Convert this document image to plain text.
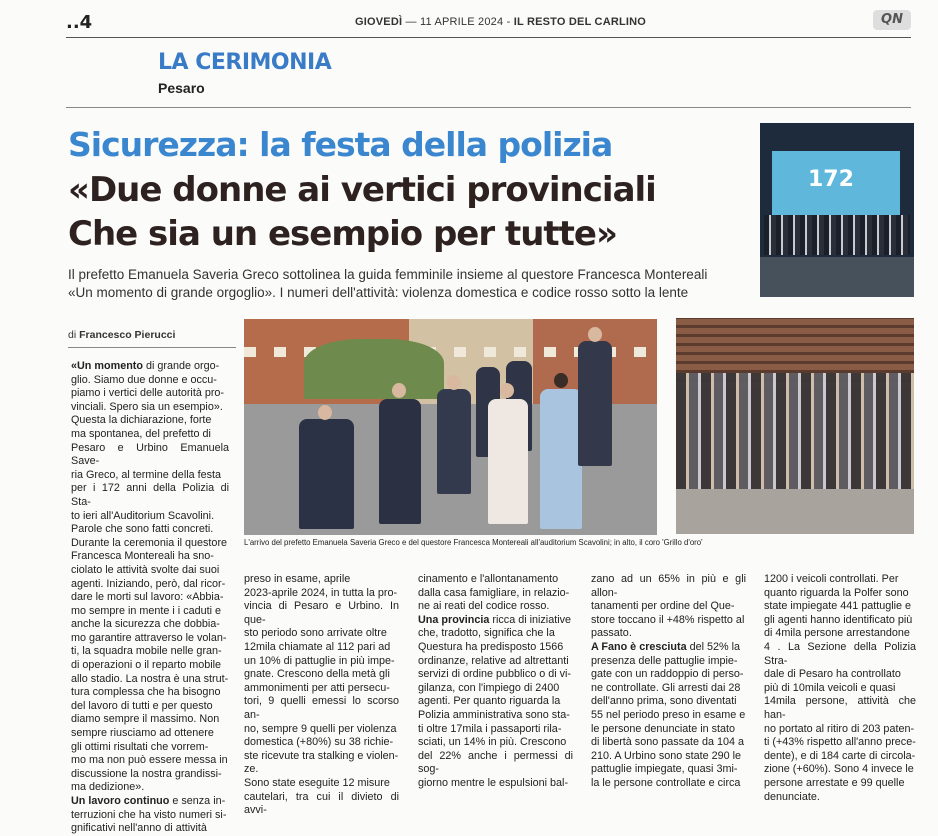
..4	GIOVEDÌ — 11 APRILE 2024 - IL RESTO DEL CARLINO	QN
LA CERIMONIA
Pesaro
Sicurezza: la festa della polizia
«Due donne ai vertici provinciali
Che sia un esempio per tutte»
Il prefetto Emanuela Saveria Greco sottolinea la guida femminile insieme al questore Francesca Montereali
«Un momento di grande orgoglio». I numeri dell'attività: violenza domestica e codice rosso sotto la lente
di Francesco Pierucci
172
L'arrivo del prefetto Emanuela Saveria Greco e del questore Francesca Montereali all'auditorium Scavolini; in alto, il coro 'Grillo d'oro'

«Un momento di grande orgo-
glio. Siamo due donne e occu-
piamo i vertici delle autorità pro-
vinciali. Spero sia un esempio».
Questa la dichiarazione, forte
ma spontanea, del prefetto di
Pesaro e Urbino Emanuela Save-
ria Greco, al termine della festa
per i 172 anni della Polizia di Sta-
to ieri all'Auditorium Scavolini.
Parole che sono fatti concreti.
Durante la ceremonia il questore
Francesca Montereali ha sno-
ciolato le attività svolte dai suoi
agenti. Iniziando, però, dal ricor-
dare le morti sul lavoro: «Abbia-
mo sempre in mente i i caduti e
anche la sicurezza che dobbia-
mo garantire attraverso le volan-
ti, la squadra mobile nelle gran-
di operazioni o il reparto mobile
allo stadio. La nostra è una strut-
tura complessa che ha bisogno
del lavoro di tutti e per questo
diamo sempre il massimo. Non
sempre riusciamo ad ottenere
gli ottimi risultati che vorrem-
mo ma non può essere messa in
discussione la nostra grandissi-
ma dedizione».

Un lavoro continuo e senza in-
terruzioni che ha visto numeri si-
gnificativi nell'anno di attività

preso in esame, aprile
2023-aprile 2024, in tutta la pro-
vincia di Pesaro e Urbino. In que-
sto periodo sono arrivate oltre
12mila chiamate al 112 pari ad
un 10% di pattuglie in più impe-
gnate. Crescono della metà gli
ammonimenti per atti persecu-
tori, 9 quelli emessi lo scorso an-
no, sempre 9 quelli per violenza
domestica (+80%) su 38 richie-
ste ricevute tra stalking e violen-
ze.

Sono state eseguite 12 misure
cautelari, tra cui il divieto di avvi-

cinamento e l'allontanamento
dalla casa famigliare, in relazio-
ne ai reati del codice rosso.

Una provincia ricca di iniziative
che, tradotto, significa che la
Questura ha predisposto 1566
ordinanze, relative ad altrettanti
servizi di ordine pubblico o di vi-
gilanza, con l'impiego di 2400
agenti. Per quanto riguarda la
Polizia amministrativa sono sta-
ti oltre 17mila i passaporti rila-
sciati, un 14% in più. Crescono
del 22% anche i permessi di sog-
giorno mentre le espulsioni bal-

zano ad un 65% in più e gli allon-
tanamenti per ordine del Que-
store toccano il +48% rispetto al
passato.

A Fano è cresciuta del 52% la
presenza delle pattuglie impie-
gate con un raddoppio di perso-
ne controllate. Gli arresti dai 28
dell'anno prima, sono diventati
55 nel periodo preso in esame e
le persone denunciate in stato
di libertà sono passate da 104 a
210. A Urbino sono state 290 le
pattuglie impiegate, quasi 3mi-
la le persone controllate e circa

1200 i veicoli controllati. Per
quanto riguarda la Polfer sono
state impiegate 441 pattuglie e
gli agenti hanno identificato più
di 4mila persone arrestandone
4 . La Sezione della Polizia Stra-
dale di Pesaro ha controllato
più di 10mila veicoli e quasi
14mila persone, attività che han-
no portato al ritiro di 203 paten-
ti (+43% rispetto all'anno prece-
dente), e di 184 carte di circola-
zione (+60%). Sono 4 invece le
persone arrestate e 99 quelle
denunciate.
